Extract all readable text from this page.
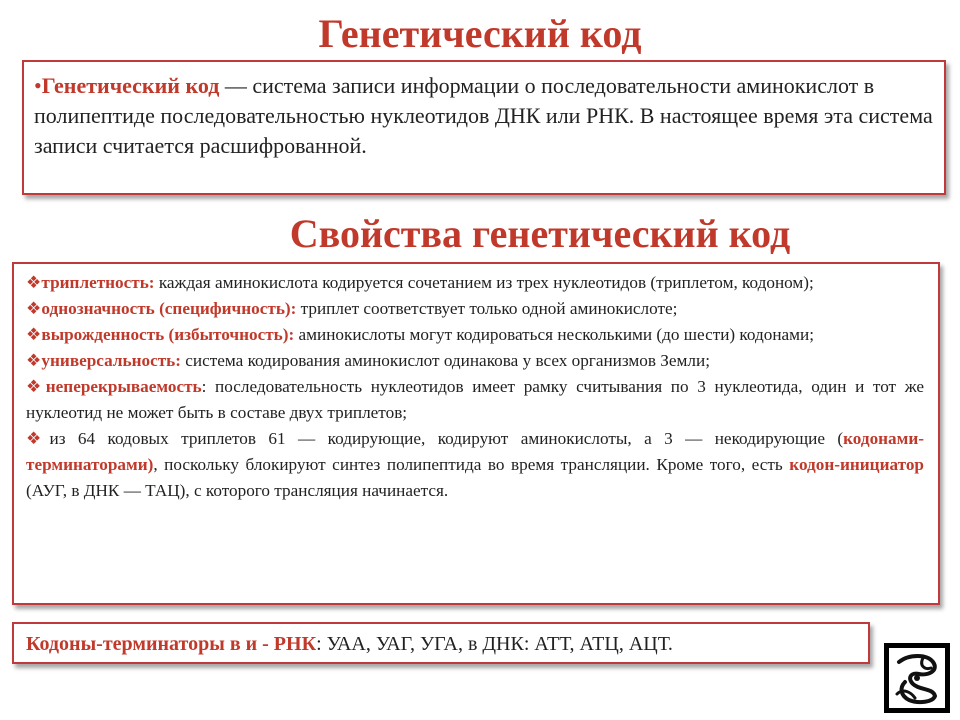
Генетический код
•Генетический код — система записи информации о последовательности аминокислот в полипептиде последовательностью нуклеотидов ДНК или РНК. В настоящее время эта система записи считается расшифрованной.
Свойства генетический код

❖триплетность: каждая аминокислота кодируется сочетанием из трех нуклеотидов (триплетом, кодоном);

❖однозначность (специфичность): триплет соответствует только одной аминокислоте;

❖вырожденность (избыточность): аминокислоты могут кодироваться несколькими (до шести) кодонами;

❖универсальность: система кодирования аминокислот одинакова у всех организмов Земли;

❖неперекрываемость: последовательность нуклеотидов имеет рамку считывания по 3 нуклеотида, один и тот же нуклеотид не может быть в составе двух триплетов;

❖из 64 кодовых триплетов 61 — кодирующие, кодируют аминокислоты, а 3 — некодирующие (кодонами-терминаторами), поскольку блокируют синтез полипептида во время трансляции. Кроме того, есть кодон-инициатор (АУГ, в ДНК — ТАЦ), с которого трансляция начинается.

Кодоны-терминаторы в и - РНК: УАА, УАГ, УГА, в ДНК: АТТ, АТЦ, АЦТ.
